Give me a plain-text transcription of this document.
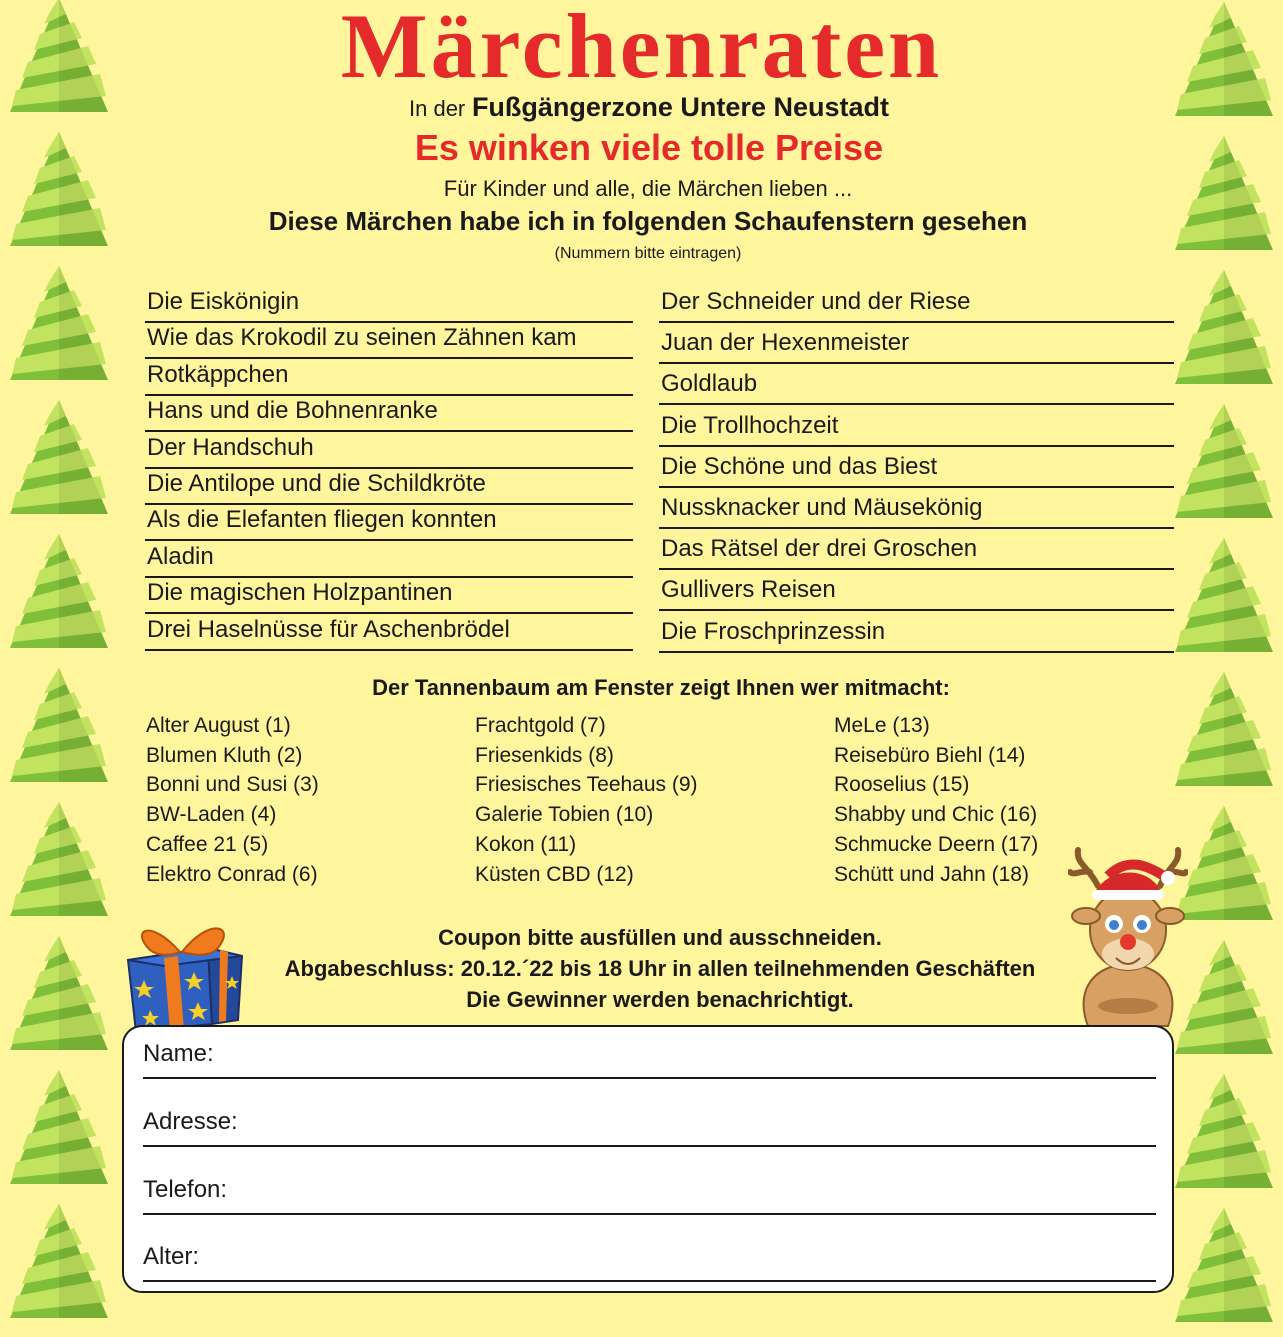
Märchenraten
In der Fußgängerzone Untere Neustadt
Es winken viele tolle Preise
Für Kinder und alle, die Märchen lieben ...
Diese Märchen habe ich in folgenden Schaufenstern gesehen
(Nummern bitte eintragen)
Die Eiskönigin
Wie das Krokodil zu seinen Zähnen kam
Rotkäppchen
Hans und die Bohnenranke
Der Handschuh
Die Antilope und die Schildkröte
Als die Elefanten fliegen konnten
Aladin
Die magischen Holzpantinen
Drei Haselnüsse für Aschenbrödel
Der Schneider und der Riese
Juan der Hexenmeister
Goldlaub
Die Trollhochzeit
Die Schöne und das Biest
Nussknacker und Mäusekönig
Das Rätsel der drei Groschen
Gullivers Reisen
Die Froschprinzessin
Der Tannenbaum am Fenster zeigt Ihnen wer mitmacht:
Alter August (1)
Blumen Kluth (2)
Bonni und Susi (3)
BW-Laden (4)
Caffee 21 (5)
Elektro Conrad (6)
Frachtgold (7)
Friesenkids (8)
Friesisches Teehaus (9)
Galerie Tobien (10)
Kokon (11)
Küsten CBD (12)
MeLe (13)
Reisebüro Biehl (14)
Rooselius (15)
Shabby und Chic (16)
Schmucke Deern (17)
Schütt und Jahn (18)
Coupon bitte ausfüllen und ausschneiden.
Abgabeschluss: 20.12.´22 bis 18 Uhr in allen teilnehmenden Geschäften
Die Gewinner werden benachrichtigt.
Name:
Adresse:
Telefon:
Alter:
